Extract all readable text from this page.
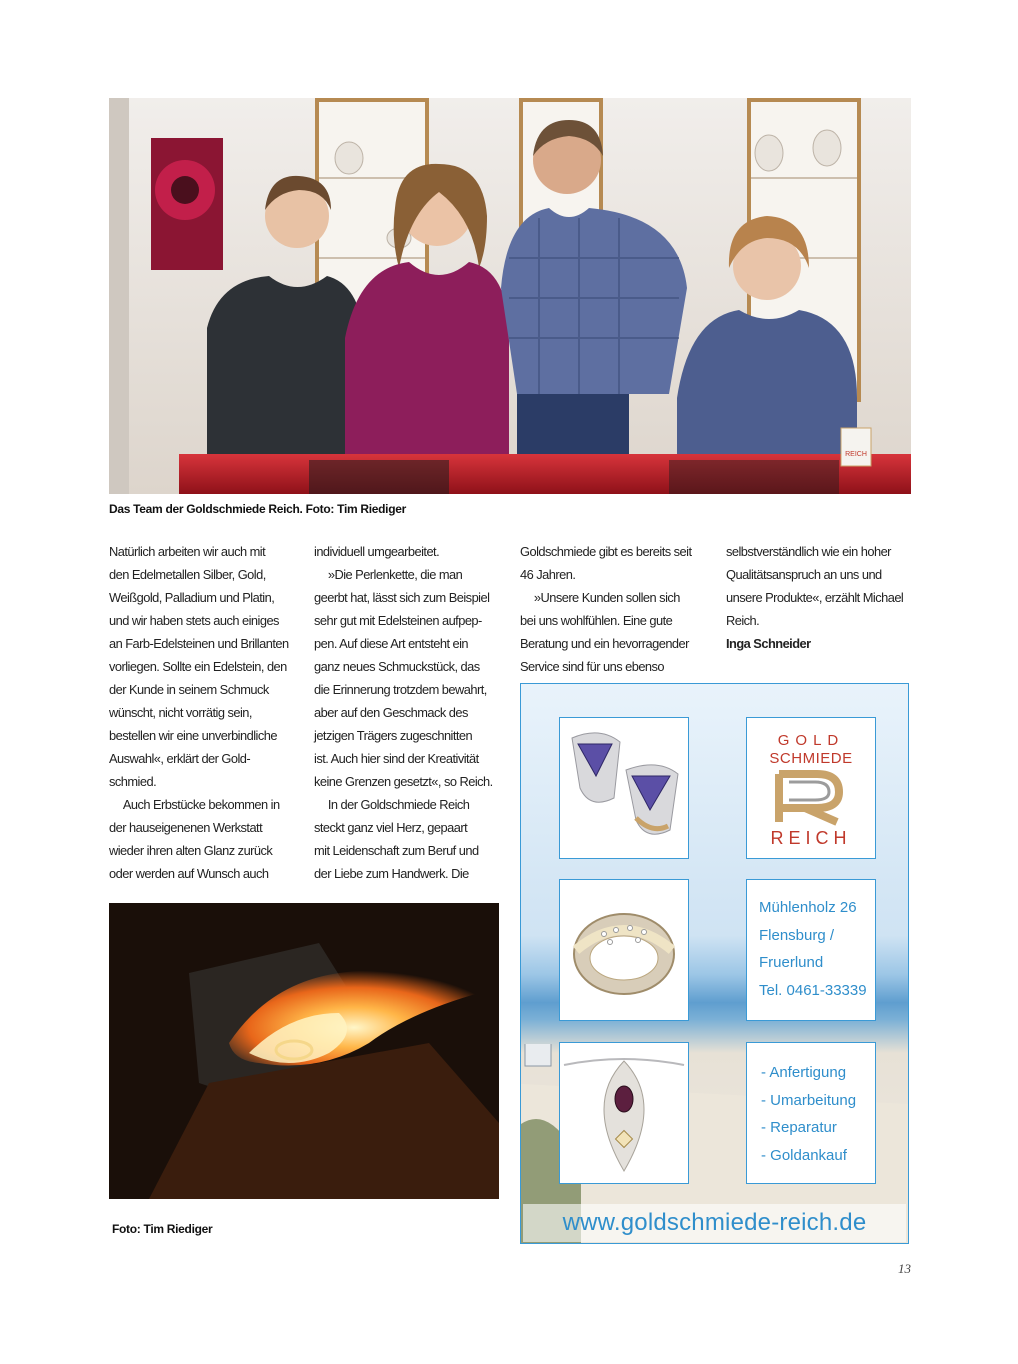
REICH
Das Team der Goldschmiede Reich. Foto: Tim Riediger

Natürlich arbeiten wir auch mit

den Edelmetallen Silber, Gold,

Weißgold, Palladium und Platin,

und wir haben stets auch einiges

an Farb-Edelsteinen und Brillanten

vorliegen. Sollte ein Edelstein, den

der Kunde in seinem Schmuck

wünscht, nicht vorrätig sein,

bestellen wir eine unverbindliche

Auswahl«, erklärt der Gold-

schmied.

Auch Erbstücke bekommen in

der hauseigenenen Werkstatt

wieder ihren alten Glanz zurück

oder werden auf Wunsch auch

individuell umgearbeitet.

»Die Perlenkette, die man

geerbt hat, lässt sich zum Beispiel

sehr gut mit Edelsteinen aufpep-

pen. Auf diese Art entsteht ein

ganz neues Schmuckstück, das

die Erinnerung trotzdem bewahrt,

aber auf den Geschmack des

jetzigen Trägers zugeschnitten

ist. Auch hier sind der Kreativität

keine Grenzen gesetzt«, so Reich.

In der Goldschmiede Reich

steckt ganz viel Herz, gepaart

mit Leidenschaft zum Beruf und

der Liebe zum Handwerk. Die

Goldschmiede gibt es bereits seit

46 Jahren.

»Unsere Kunden sollen sich

bei uns wohlfühlen. Eine gute

Beratung und ein hevorragender

Service sind für uns ebenso

selbstverständlich wie ein hoher

Qualitätsanspruch an uns und

unsere Produkte«, erzählt Michael

Reich.

Inga Schneider

Foto: Tim Riediger
GOLD
SCHMIEDE
REICH
Mühlenholz 26
Flensburg /
Fruerlund
Tel. 0461-33339
- Anfertigung
- Umarbeitung
- Reparatur
- Goldankauf
www.goldschmiede-reich.de
13
